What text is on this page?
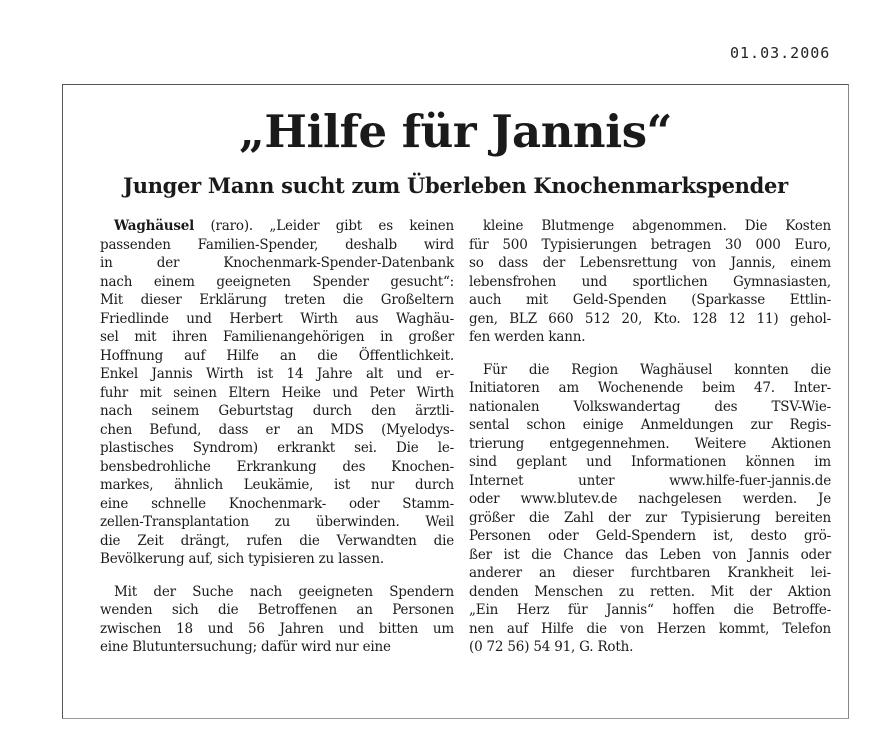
01.03.2006
„Hilfe für Jannis“
Junger Mann sucht zum Überleben Knochenmarkspender
Waghäusel (raro). „Leider gibt es keinen
passenden Familien-Spender, deshalb wird
in der Knochenmark-Spender-Datenbank
nach einem geeigneten Spender gesucht“:
Mit dieser Erklärung treten die Großeltern
Friedlinde und Herbert Wirth aus Waghäu-
sel mit ihren Familienangehörigen in großer
Hoffnung auf Hilfe an die Öffentlichkeit.
Enkel Jannis Wirth ist 14 Jahre alt und er-
fuhr mit seinen Eltern Heike und Peter Wirth
nach seinem Geburtstag durch den ärztli-
chen Befund, dass er an MDS (Myelodys-
plastisches Syndrom) erkrankt sei. Die le-
bensbedrohliche Erkrankung des Knochen-
markes, ähnlich Leukämie, ist nur durch
eine schnelle Knochenmark- oder Stamm-
zellen-Transplantation zu überwinden. Weil
die Zeit drängt, rufen die Verwandten die
Bevölkerung auf, sich typisieren zu lassen.
Mit der Suche nach geeigneten Spendern
wenden sich die Betroffenen an Personen
zwischen 18 und 56 Jahren und bitten um
eine Blutuntersuchung; dafür wird nur eine
kleine Blutmenge abgenommen. Die Kosten
für 500 Typisierungen betragen 30 000 Euro,
so dass der Lebensrettung von Jannis, einem
lebensfrohen und sportlichen Gymnasiasten,
auch mit Geld-Spenden (Sparkasse Ettlin-
gen, BLZ 660 512 20, Kto. 128 12 11) gehol-
fen werden kann.
Für die Region Waghäusel konnten die
Initiatoren am Wochenende beim 47. Inter-
nationalen Volkswandertag des TSV-Wie-
sental schon einige Anmeldungen zur Regis-
trierung entgegennehmen. Weitere Aktionen
sind geplant und Informationen können im
Internet unter www.hilfe-fuer-jannis.de
oder www.blutev.de nachgelesen werden. Je
größer die Zahl der zur Typisierung bereiten
Personen oder Geld-Spendern ist, desto grö-
ßer ist die Chance das Leben von Jannis oder
anderer an dieser furchtbaren Krankheit lei-
denden Menschen zu retten. Mit der Aktion
„Ein Herz für Jannis“ hoffen die Betroffe-
nen auf Hilfe die von Herzen kommt, Telefon
(0 72 56) 54 91, G. Roth.
